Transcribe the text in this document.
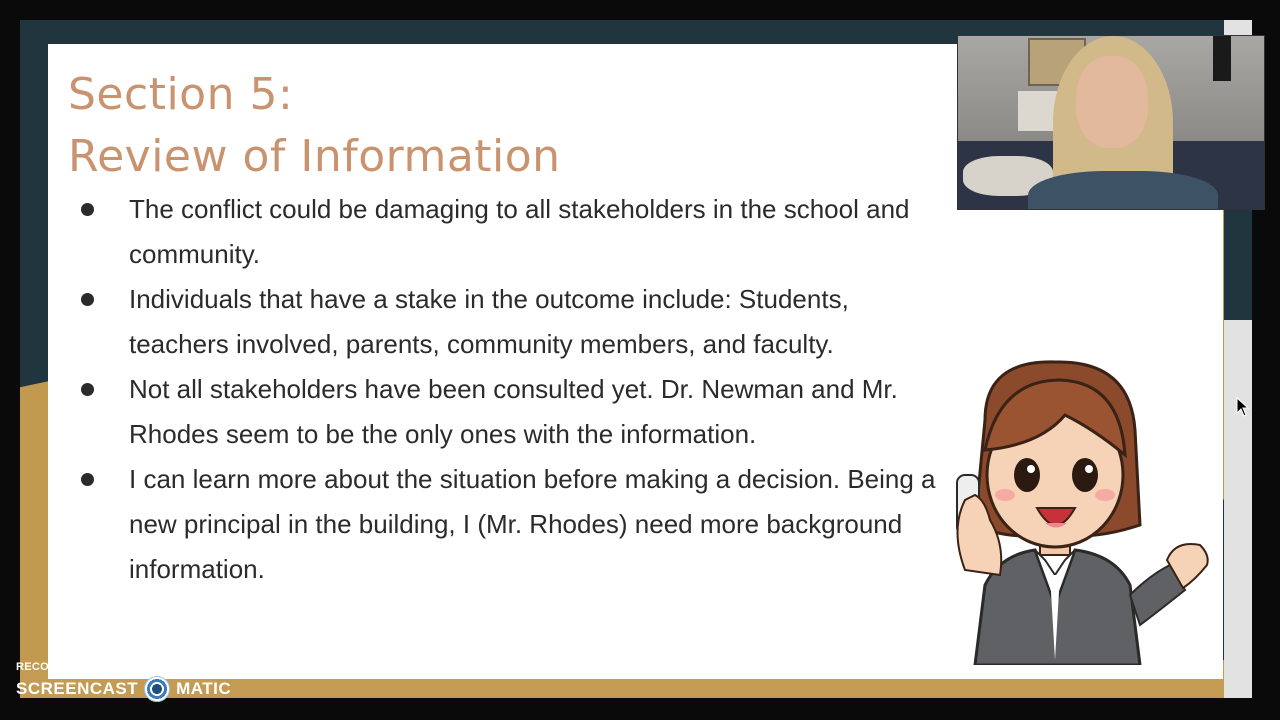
Section 5:
Review of Information
The conflict could be damaging to all stakeholders in the school and community.
Individuals that have a stake in the outcome include: Students, teachers involved, parents, community members, and faculty.
Not all stakeholders have been consulted yet. Dr. Newman and Mr. Rhodes seem to be the only ones with the information.
I can learn more about the situation before making a decision. Being a new principal in the building, I (Mr. Rhodes) need more background information.
RECORDED WITH
SCREENCAST MATIC
